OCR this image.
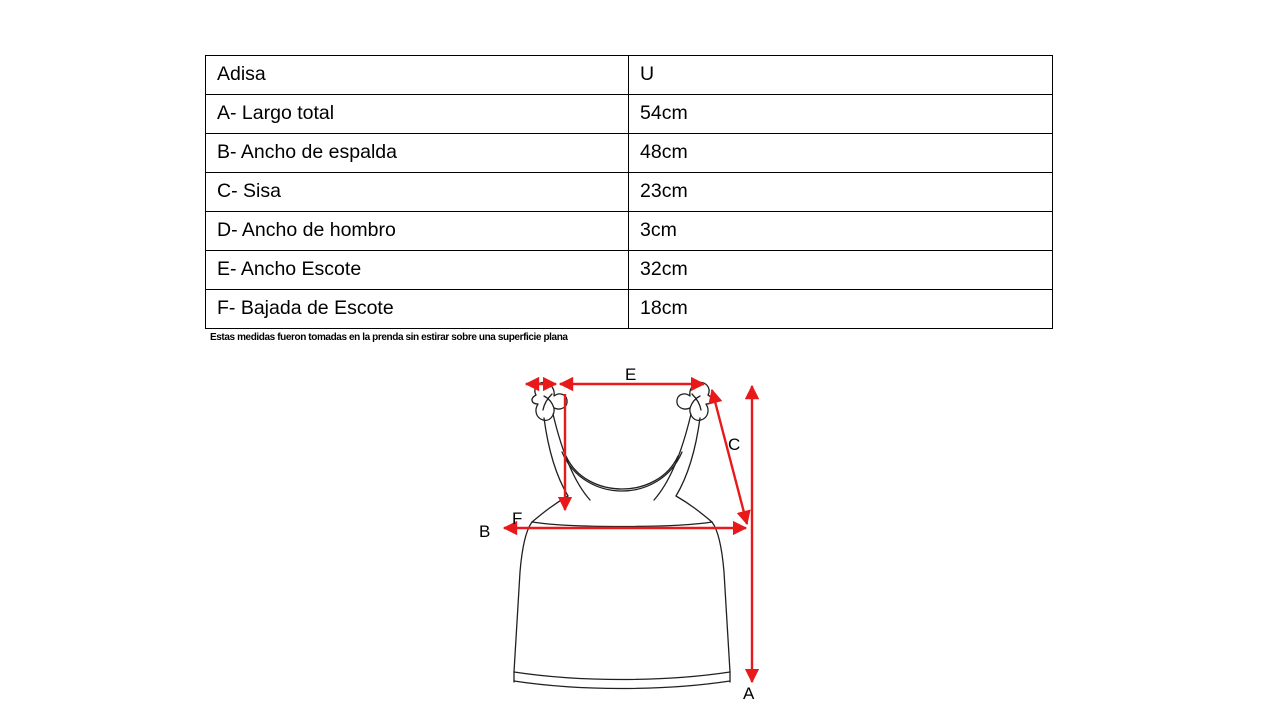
Adisa	U
A- Largo total	54cm
B- Ancho de espalda	48cm
C- Sisa	23cm
D- Ancho de hombro	3cm
E- Ancho Escote	32cm
F- Bajada de Escote	18cm
Estas medidas fueron tomadas en la prenda sin estirar sobre una superficie plana
E
C
F
B
A
